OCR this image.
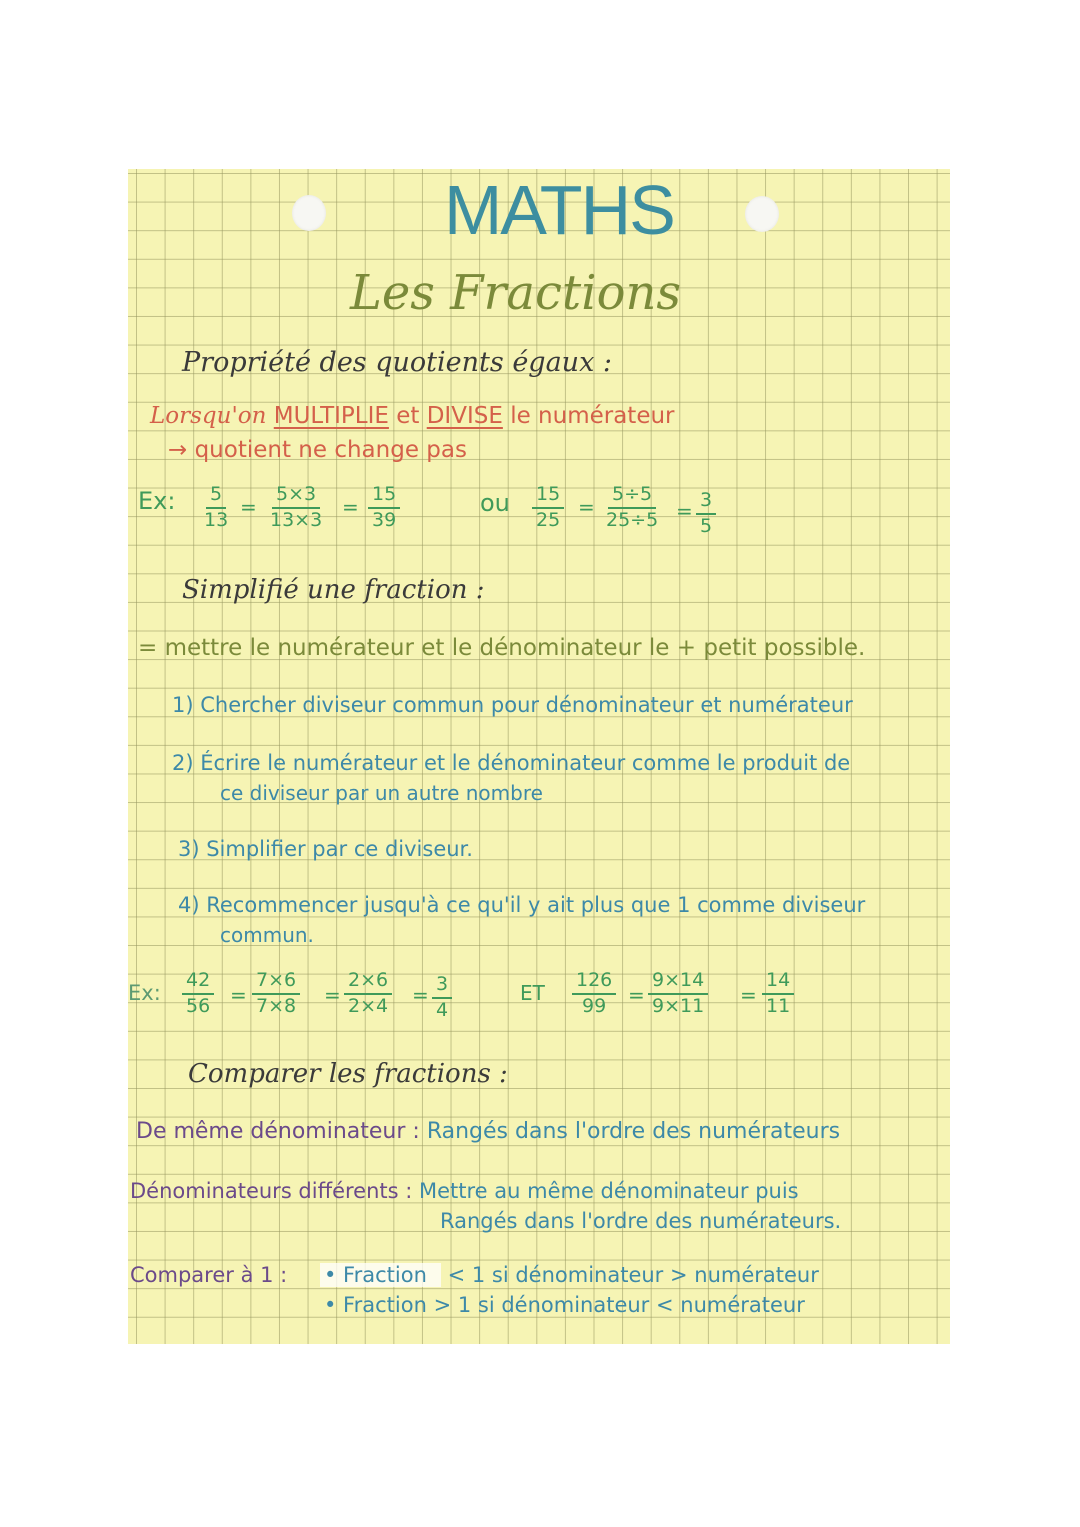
MATHS
Les Fractions
Propriété des quotients égaux :
Lorsqu'on MULTIPLIE et DIVISE le numérateur
→ quotient ne change pas
Ex: $\frac{5}{13} = \frac{5\times 3}{13\times 3} = \frac{15}{39}$	ou $\frac{15}{25} = \frac{5\div 5}{25\div 5} = \frac{3}{5}$
Simplifié une fraction :
= mettre le numérateur et le dénominateur le + petit possible.
1) Chercher diviseur commun pour dénominateur et numérateur
2) Écrire le numérateur et le dénominateur comme le produit de
ce diviseur par un autre nombre
3) Simplifier par ce diviseur.
4) Recommencer jusqu'à ce qu'il y ait plus que 1 comme diviseur
commun.
Ex: $\frac{42}{56} = \frac{7\times 6}{7\times 8} = \frac{2\times 6}{2\times 4} = \frac{3}{4}$	ET $\frac{126}{99} = \frac{9\times 14}{9\times 11} = \frac{14}{11}$
Comparer les fractions :
De même dénominateur : Rangés dans l'ordre des numérateurs
Dénominateurs différents : Mettre au même dénominateur puis
Rangés dans l'ordre des numérateurs.
Comparer à 1 : • Fraction < 1 si dénominateur > numérateur
• Fraction > 1 si dénominateur < numérateur
